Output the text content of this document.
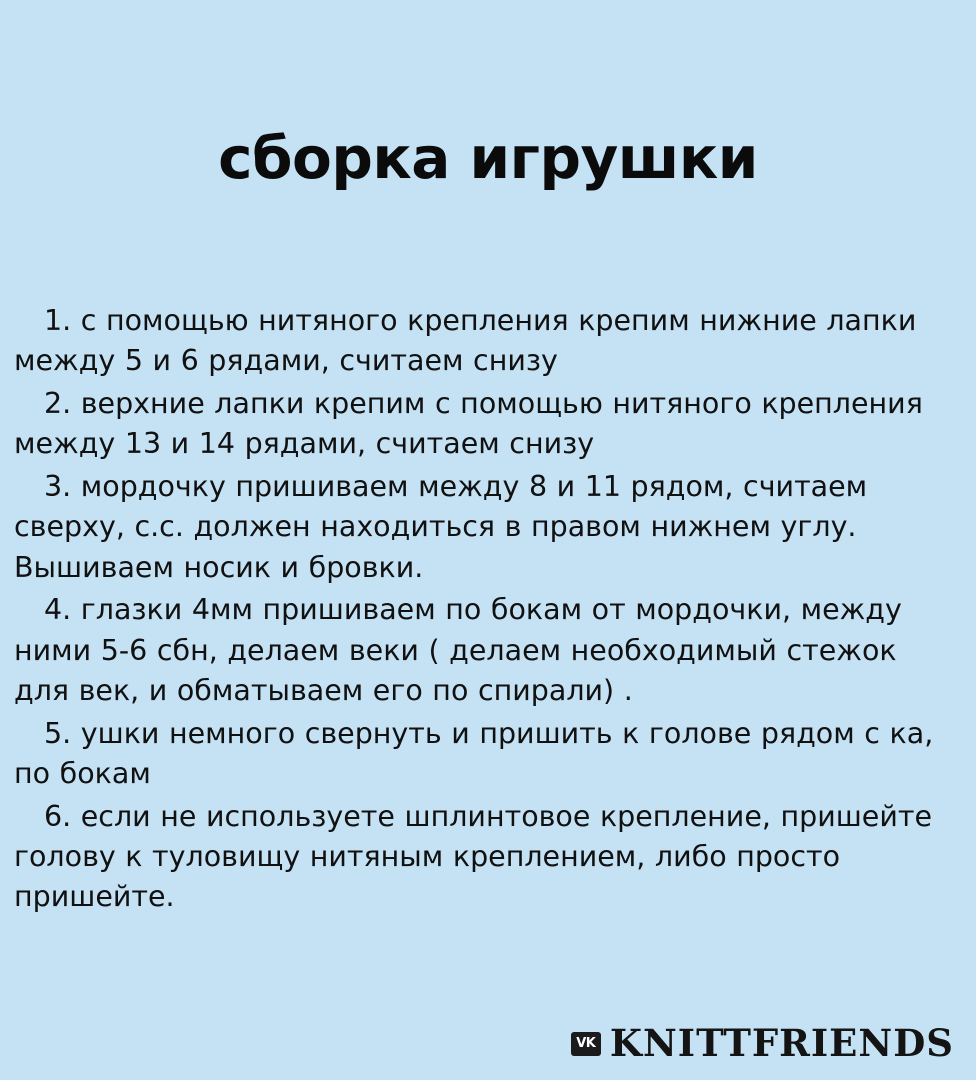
сборка игрушки

1. с помощью нитяного крепления крепим нижние лапки между 5 и 6 рядами, считаем снизу

2. верхние лапки крепим с помощью нитяного крепления между 13 и 14 рядами, считаем снизу

3. мордочку пришиваем между 8 и 11 рядом, считаем сверху, с.с. должен находиться в правом нижнем углу. Вышиваем носик и бровки.

4. глазки 4мм пришиваем по бокам от мордочки, между ними 5-6 сбн, делаем веки ( делаем необходимый стежок для век, и обматываем его по спирали) .

5. ушки немного свернуть и пришить к голове рядом с ка, по бокам

6. если не используете шплинтовое крепление, пришейте голову к туловищу нитяным креплением, либо просто пришейте.

VK KNITTFRIENDS
